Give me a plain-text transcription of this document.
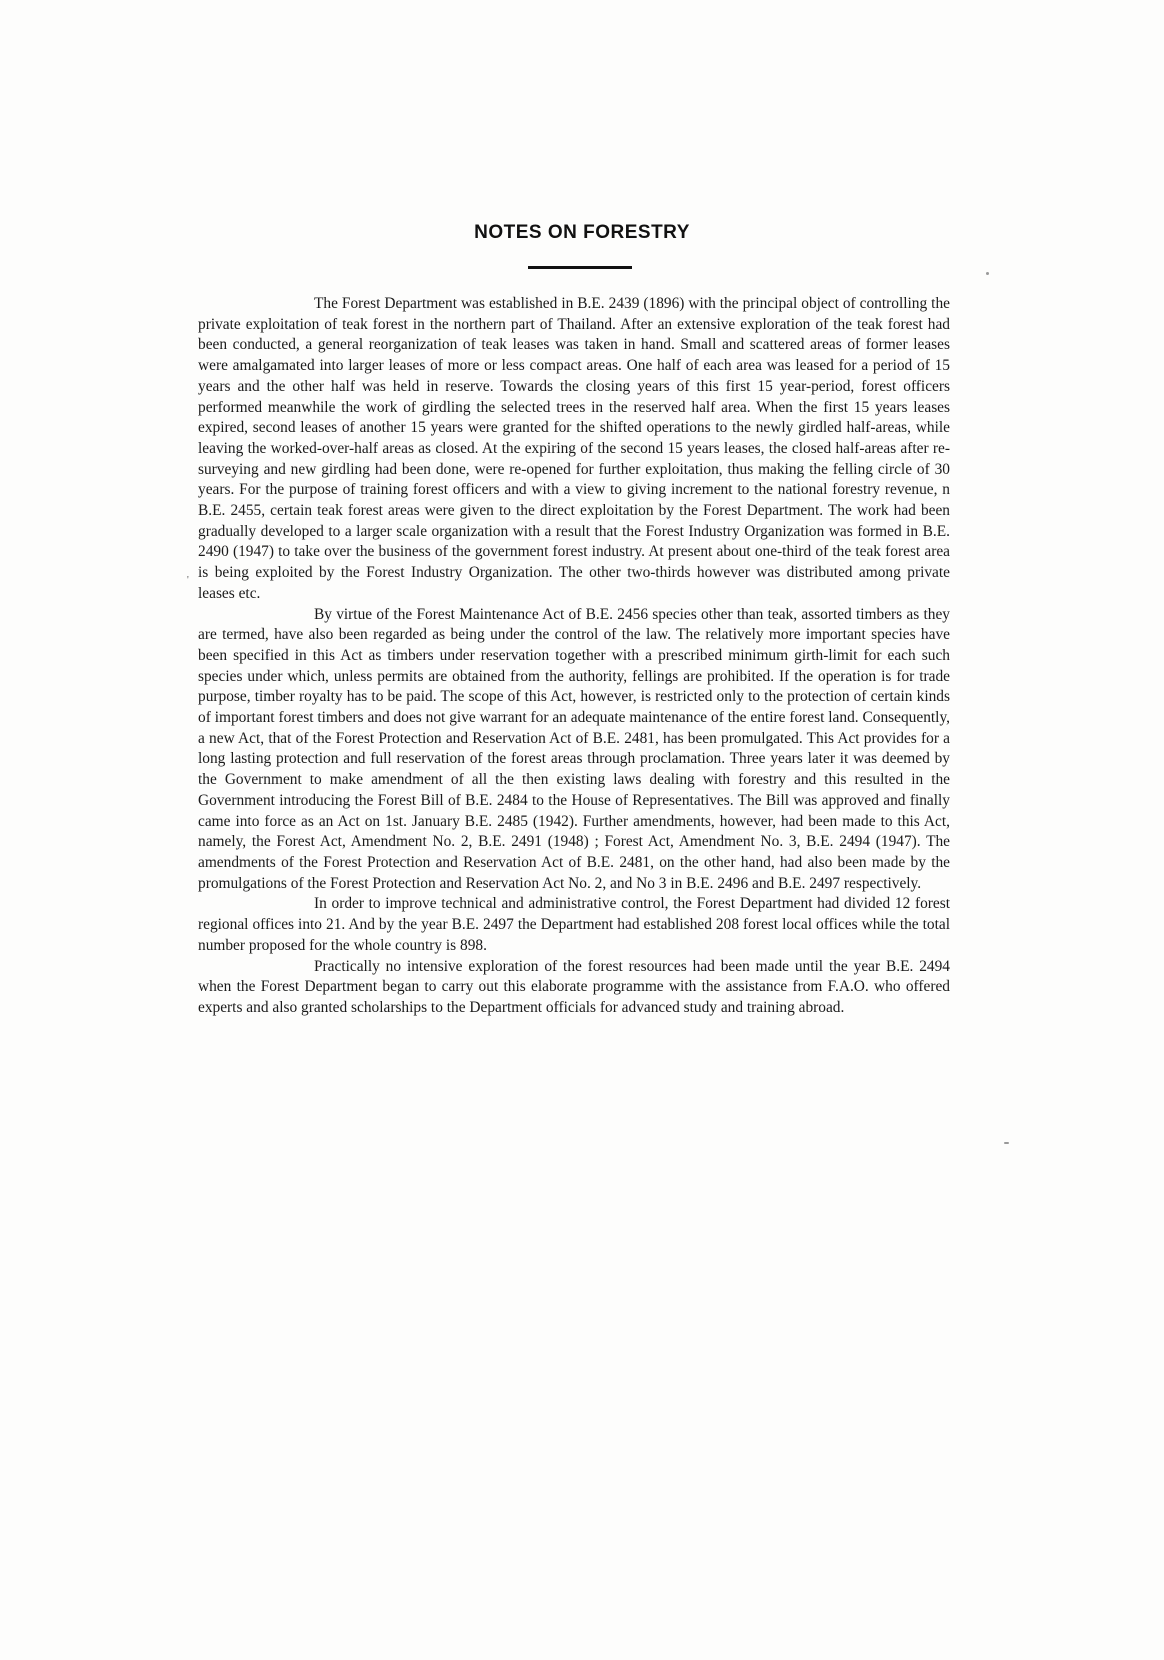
NOTES ON FORESTRY
'

The Forest Department was established in B.E. 2439 (1896) with the principal object of controlling the private exploitation of teak forest in the northern part of Thailand. After an extensive exploration of the teak forest had been conducted, a general reorganization of teak leases was taken in hand. Small and scattered areas of former leases were amalgamated into larger leases of more or less compact areas. One half of each area was leased for a period of 15 years and the other half was held in reserve. Towards the closing years of this first 15 year-period, forest officers performed meanwhile the work of girdling the selected trees in the reserved half area. When the first 15 years leases expired, second leases of another 15 years were granted for the shifted operations to the newly girdled half-areas, while leaving the worked-over-half areas as closed. At the expiring of the second 15 years leases, the closed half-areas after re-surveying and new girdling had been done, were re-opened for further exploitation, thus making the felling circle of 30 years. For the purpose of training forest officers and with a view to giving increment to the national forestry revenue, n B.E. 2455, certain teak forest areas were given to the direct exploitation by the Forest Department. The work had been gradually developed to a larger scale organization with a result that the Forest Industry Organization was formed in B.E. 2490 (1947) to take over the business of the government forest industry. At present about one-third of the teak forest area is being exploited by the Forest Industry Organization. The other two-thirds however was distributed among private leases etc.

By virtue of the Forest Maintenance Act of B.E. 2456 species other than teak, assorted timbers as they are termed, have also been regarded as being under the control of the law. The relatively more important species have been specified in this Act as timbers under reservation together with a prescribed minimum girth-limit for each such species under which, unless permits are obtained from the authority, fellings are prohibited. If the operation is for trade purpose, timber royalty has to be paid. The scope of this Act, however, is restricted only to the protection of certain kinds of important forest timbers and does not give warrant for an adequate maintenance of the entire forest land. Consequently, a new Act, that of the Forest Protection and Reservation Act of B.E. 2481, has been promulgated. This Act provides for a long lasting protection and full reservation of the forest areas through proclamation. Three years later it was deemed by the Government to make amendment of all the then existing laws dealing with forestry and this resulted in the Government introducing the Forest Bill of B.E. 2484 to the House of Representatives. The Bill was approved and finally came into force as an Act on 1st. January B.E. 2485 (1942). Further amendments, however, had been made to this Act, namely, the Forest Act, Amendment No. 2, B.E. 2491 (1948) ; Forest Act, Amendment No. 3, B.E. 2494 (1947). The amendments of the Forest Protection and Reservation Act of B.E. 2481, on the other hand, had also been made by the promulgations of the Forest Protection and Reservation Act No. 2, and No 3 in B.E. 2496 and B.E. 2497 respectively.

In order to improve technical and administrative control, the Forest Department had divided 12 forest regional offices into 21. And by the year B.E. 2497 the Department had established 208 forest local offices while the total number proposed for the whole country is 898.

Practically no intensive exploration of the forest resources had been made until the year B.E. 2494 when the Forest Department began to carry out this elaborate programme with the assistance from F.A.O. who offered experts and also granted scholarships to the Department officials for advanced study and training abroad.
